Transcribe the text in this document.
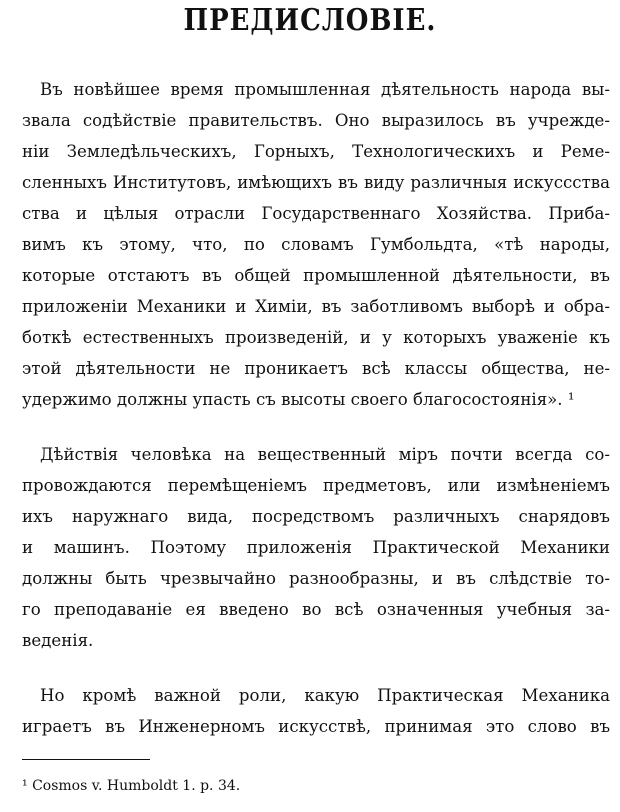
ПРЕДИСЛОВІЕ.
Въ новѣйшее время промышленная дѣятельность народа вы-
звала содѣйствіе правительствъ. Оно выразилось въ учрежде-
ніи Земледѣльческихъ, Горныхъ, Технологическихъ и Реме-
сленныхъ Институтовъ, имѣющихъ въ виду различныя искуссства
ства и цѣлыя отрасли Государственнаго Хозяйства. Приба-
вимъ къ этому, что, по словамъ Гумбольдта, «тѣ народы,
которые отстаютъ въ общей промышленной дѣятельности, въ
приложеніи Механики и Химіи, въ заботливомъ выборѣ и обра-
боткѣ естественныхъ произведеній, и у которыхъ уваженіе къ
этой дѣятельности не проникаетъ всѣ классы общества, не-
удержимо должны упасть съ высоты своего благосостоянія». ¹
Дѣйствія человѣка на вещественный міръ почти всегда со-
провождаются перемѣщеніемъ предметовъ, или измѣненіемъ
ихъ наружнаго вида, посредствомъ различныхъ снарядовъ
и машинъ. Поэтому приложенія Практической Механики
должны быть чрезвычайно разнообразны, и въ слѣдствіе то-
го преподаваніе ея введено во всѣ означенныя учебныя за-
веденія.
Но кромѣ важной роли, какую Практическая Механика
играетъ въ Инженерномъ искусствѣ, принимая это слово въ
¹ Cosmos v. Humboldt 1. p. 34.
